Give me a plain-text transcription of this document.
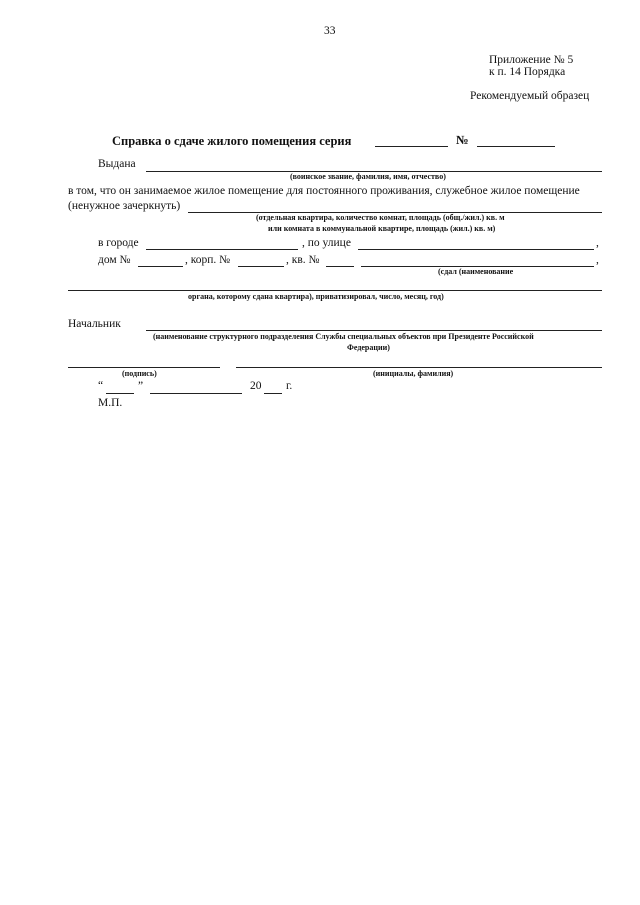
33
Приложение № 5
к п. 14 Порядка
Рекомендуемый образец
Справка о сдаче жилого помещения серия	№
Выдана
(воинское звание, фамилия, имя, отчество)
в том, что он занимаемое жилое помещение для постоянного проживания, служебное жилое помещение
(ненужное зачеркнуть)
(отдельная квартира, количество комнат, площадь (общ./жил.) кв. м
или комната в коммунальной квартире, площадь (жил.) кв. м)
в городе	, по улице	,
дом №	, корп. №	, кв. №	,
(сдал (наименование
органа, которому сдана квартира), приватизировал, число, месяц, год)
Начальник
(наименование структурного подразделения Службы специальных объектов при Президенте Российской
Федерации)
(подпись)	(инициалы, фамилия)
“	”	20 г.
М.П.
